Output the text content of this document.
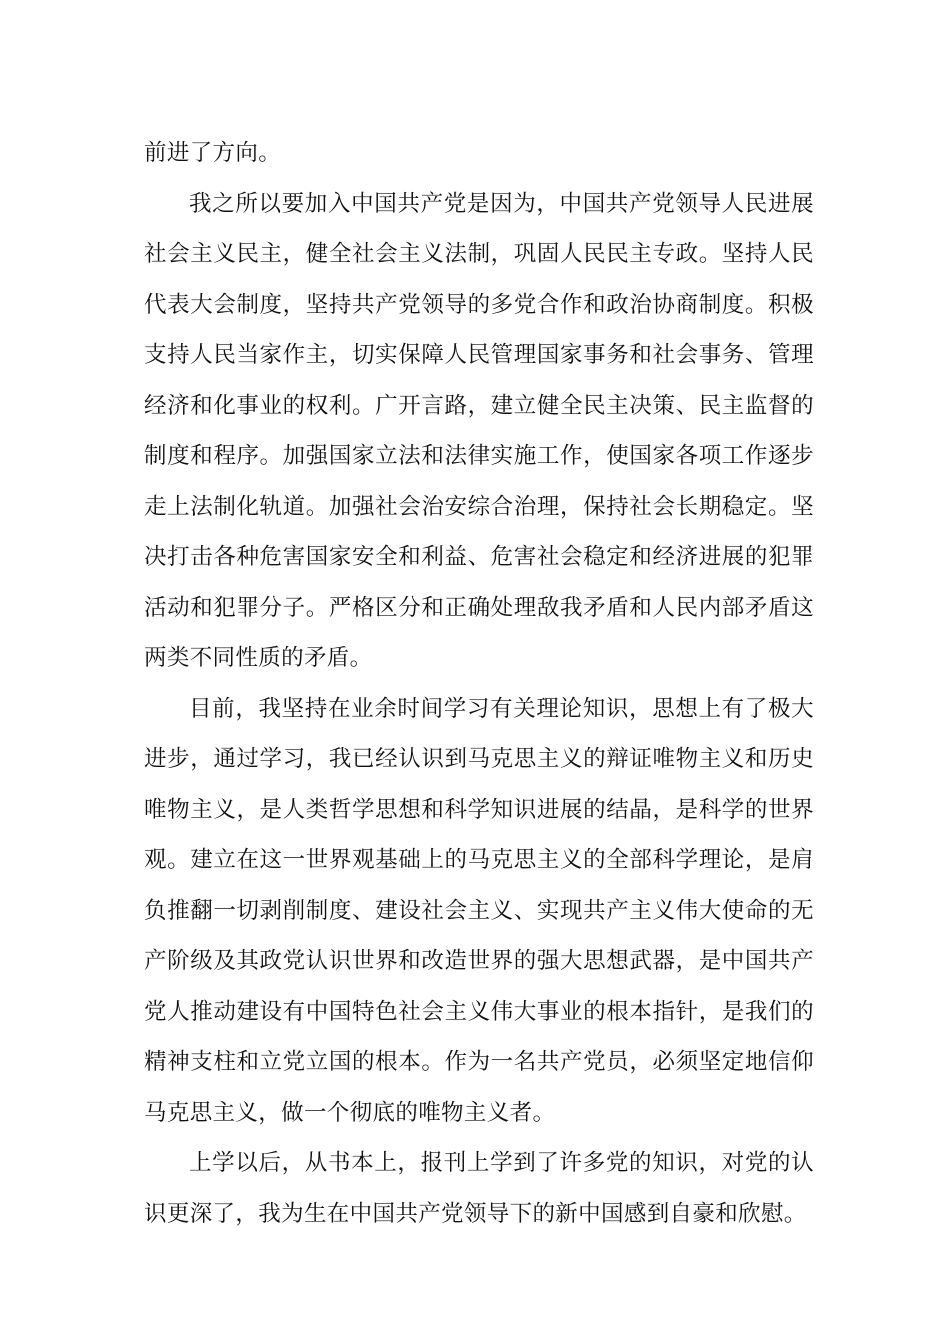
前进了方向。

我之所以要加入中国共产党是因为，中国共产党领导人民进展社会主义民主，健全社会主义法制，巩固人民民主专政。坚持人民代表大会制度，坚持共产党领导的多党合作和政治协商制度。积极支持人民当家作主，切实保障人民管理国家事务和社会事务、管理经济和化事业的权利。广开言路，建立健全民主决策、民主监督的制度和程序。加强国家立法和法律实施工作，使国家各项工作逐步走上法制化轨道。加强社会治安综合治理，保持社会长期稳定。坚决打击各种危害国家安全和利益、危害社会稳定和经济进展的犯罪活动和犯罪分子。严格区分和正确处理敌我矛盾和人民内部矛盾这两类不同性质的矛盾。

目前，我坚持在业余时间学习有关理论知识，思想上有了极大进步，通过学习，我已经认识到马克思主义的辩证唯物主义和历史唯物主义，是人类哲学思想和科学知识进展的结晶，是科学的世界观。建立在这一世界观基础上的马克思主义的全部科学理论，是肩负推翻一切剥削制度、建设社会主义、实现共产主义伟大使命的无产阶级及其政党认识世界和改造世界的强大思想武器，是中国共产党人推动建设有中国特色社会主义伟大事业的根本指针，是我们的精神支柱和立党立国的根本。作为一名共产党员，必须坚定地信仰马克思主义，做一个彻底的唯物主义者。

上学以后，从书本上，报刊上学到了许多党的知识，对党的认识更深了，我为生在中国共产党领导下的新中国感到自豪和欣慰。
